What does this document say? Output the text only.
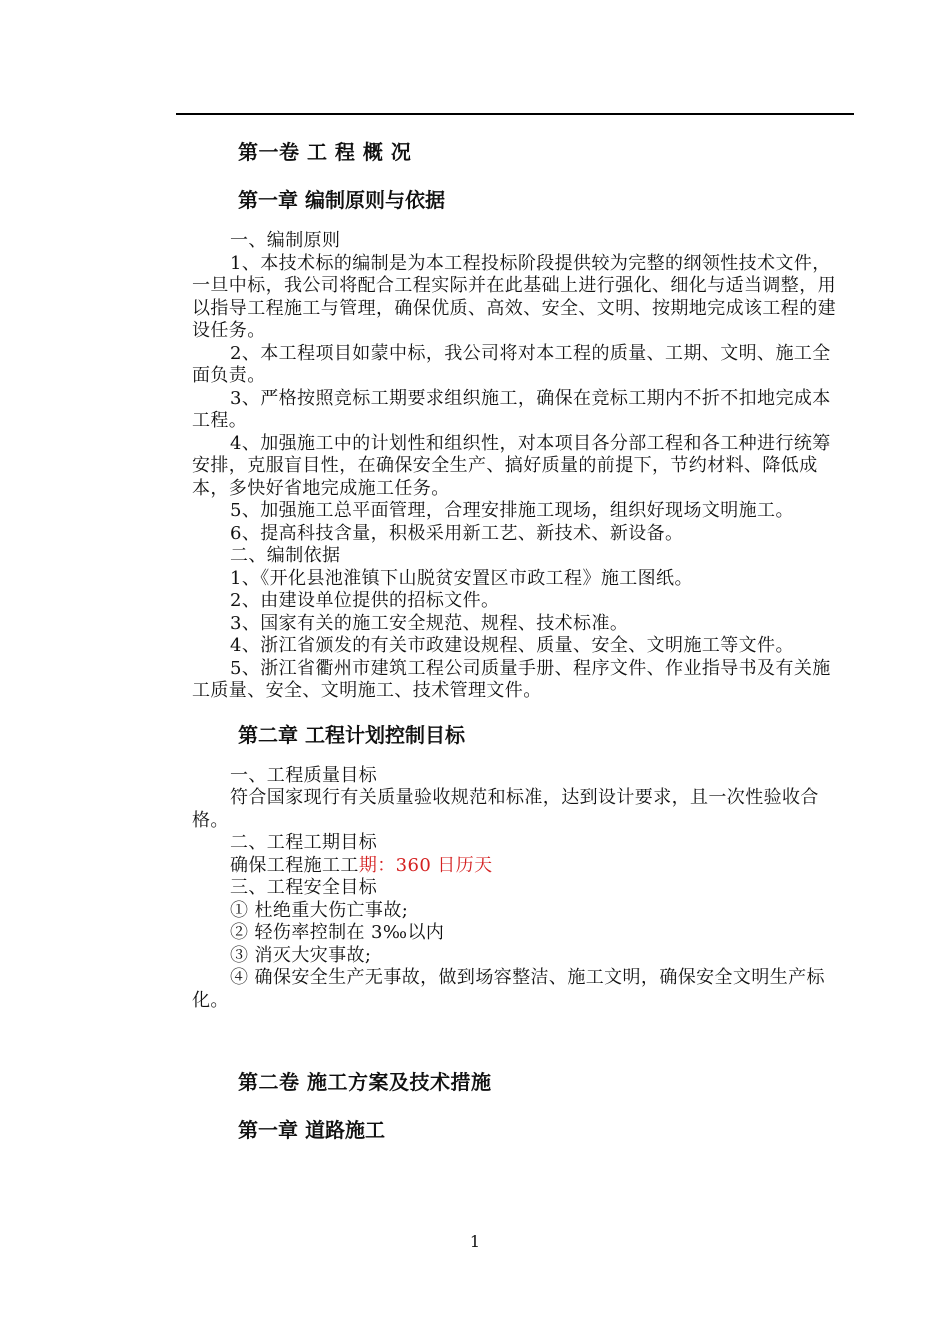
第一卷 工 程 概 况
第一章 编制原则与依据

一、编制原则

1、本技术标的编制是为本工程投标阶段提供较为完整的纲领性技术文件，一旦中标，我公司将配合工程实际并在此基础上进行强化、细化与适当调整，用以指导工程施工与管理，确保优质、高效、安全、文明、按期地完成该工程的建设任务。

2、本工程项目如蒙中标，我公司将对本工程的质量、工期、文明、施工全面负责。

3、严格按照竞标工期要求组织施工，确保在竞标工期内不折不扣地完成本工程。

4、加强施工中的计划性和组织性，对本项目各分部工程和各工种进行统筹安排，克服盲目性，在确保安全生产、搞好质量的前提下，节约材料、降低成本，多快好省地完成施工任务。

5、加强施工总平面管理，合理安排施工现场，组织好现场文明施工。

6、提高科技含量，积极采用新工艺、新技术、新设备。

二、编制依据

1、《开化县池淮镇下山脱贫安置区市政工程》施工图纸。

2、由建设单位提供的招标文件。

3、国家有关的施工安全规范、规程、技术标准。

4、浙江省颁发的有关市政建设规程、质量、安全、文明施工等文件。

5、浙江省衢州市建筑工程公司质量手册、程序文件、作业指导书及有关施工质量、安全、文明施工、技术管理文件。

第二章 工程计划控制目标

一、工程质量目标

符合国家现行有关质量验收规范和标准，达到设计要求，且一次性验收合格。

二、工程工期目标

确保工程施工工期：360 日历天

三、工程安全目标

① 杜绝重大伤亡事故;

② 轻伤率控制在 3‰以内

③ 消灭大灾事故;

④ 确保安全生产无事故，做到场容整洁、施工文明，确保安全文明生产标化。

第二卷 施工方案及技术措施
第一章 道路施工
1
